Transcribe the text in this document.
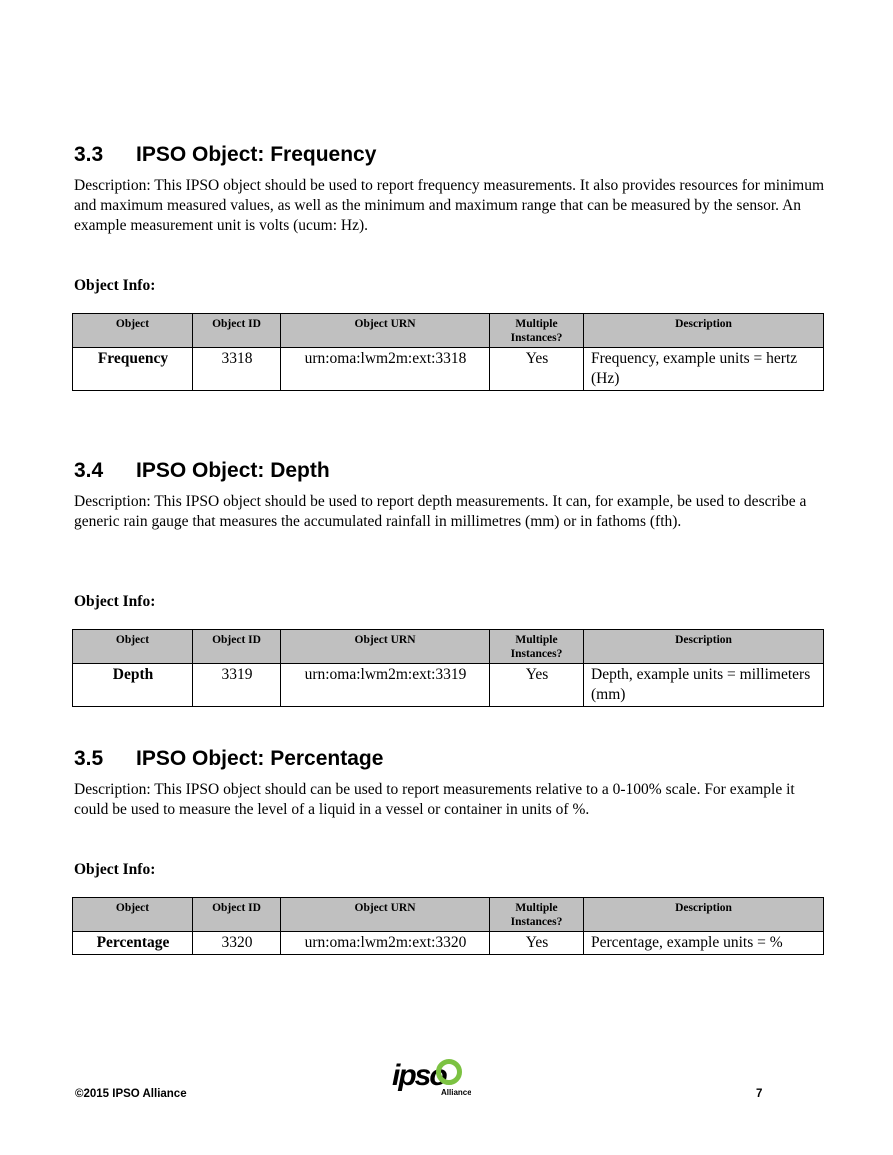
3.3 IPSO Object: Frequency

Description: This IPSO object should be used to report frequency measurements. It also provides resources for minimum and maximum measured values, as well as the minimum and maximum range that can be measured by the sensor. An example measurement unit is volts (ucum: Hz).

Object Info:

Object	Object ID	Object URN	Multiple Instances?	Description
Frequency	3318	urn:oma:lwm2m:ext:3318	Yes	Frequency, example units = hertz (Hz)
3.4 IPSO Object: Depth

Description: This IPSO object should be used to report depth measurements. It can, for example, be used to describe a generic rain gauge that measures the accumulated rainfall in millimetres (mm) or in fathoms (fth).

Object Info:

Object	Object ID	Object URN	Multiple Instances?	Description
Depth	3319	urn:oma:lwm2m:ext:3319	Yes	Depth, example units = millimeters (mm)
3.5 IPSO Object: Percentage

Description: This IPSO object should can be used to report measurements relative to a 0-100% scale. For example it could be used to measure the level of a liquid in a vessel or container in units of %.

Object Info:

Object	Object ID	Object URN	Multiple Instances?	Description
Percentage	3320	urn:oma:lwm2m:ext:3320	Yes	Percentage, example units = %
©2015 IPSO Alliance
ipso
Alliance	7
